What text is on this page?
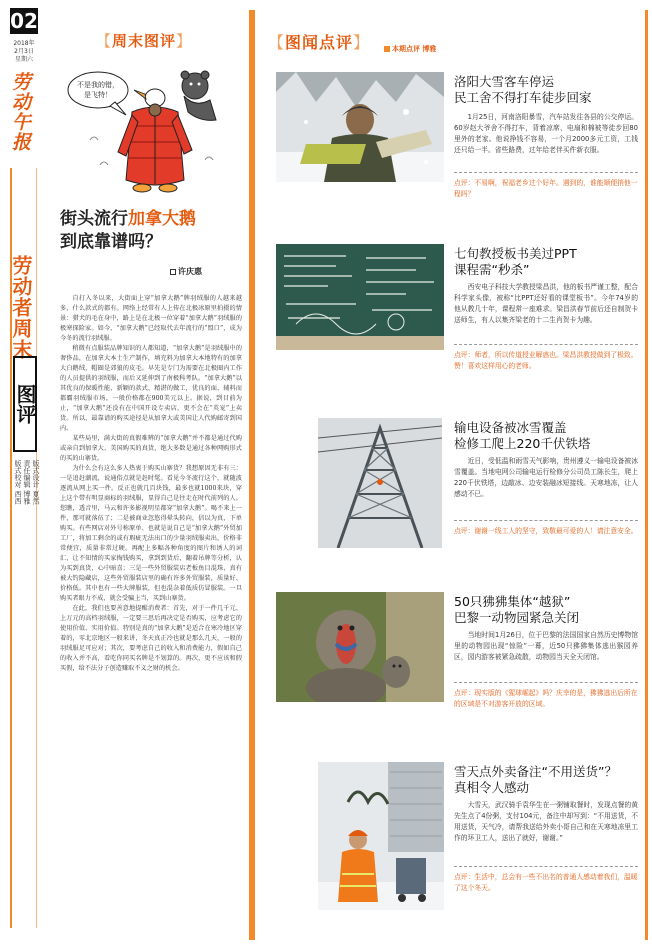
02
2018年
2月3日
星期六
劳动午报
劳动者周末
图评
版式设计 夏然
责任编辑 博雅
版式校对 西西
【周末图评】
不是我的错，
是飞特！
街头流行加拿大鹅
到底靠谱吗？
许庆惠

自打入冬以来，大街面上穿“加拿大鹅”牌羽绒服的人越来越多，什么款式的都有。网络上经常有人上传在北极冰原里拍摄的情景：猎犬的毛在身中，路上是在北极一位穿着“加拿大鹅”羽绒服的极寒探险家。如今，“加拿大鹅”已经取代去年流行的“盟口”，成为今冬的流行羽绒服。

稍微有点服装品牌知识的人都知道，“加拿大鹅”是羽绒服中的奢侈品，在加拿大本土生产制作，填充料为加拿大本地特有的加拿大白鹅绒，帽圈是郊狼的皮毛。早先是专门为需要在北极圈内工作的人员提供的羽绒服，而后又延伸到了南极科考队。“加拿大鹅”以其优良的保暖性能、新颖的款式、精湛的做工，优良的面、辅料而都霸羽绒服市场，一般价格都在900美元以上。据说，到目前为止，“加拿大鹅”还没有在中国开设专卖店，更不会在“英宠”上卖货。所以，最靠谱的购买途径是从加拿大或美国让人代购邮寄到国内。

某些局里，满大街的真假难辨的“加拿大鹅”并不都是通过代购或亲自到加拿大、美国购买的真货，绝大多数是通过各种网购形式的买的山寨货。

为什么会有这么多人热衷于购买山寨货？我想原因无非有三：一是追赶潮流，说通俗点就是赶时髦。看见今冬流行这个，就随波逐流从网上买一件。反正也就几百块钱，最多也就1000来块，穿上这个带有明显商标的羽绒服，显得自己是往走在时代前列的人。您瞧，透音里，马云和许多影视明星都穿“加拿大鹅”。喝不来上一件，那可就落伍了；二是被商业忽悠得晕头转向，信以为真，下单购买。有些网店对外号称原单、也就是说自己是“加拿大鹅”外贸加工厂，将加工剩余的或有瑕疵无法出口的少量羽绒服卖出，价格非常便宜，质量非常过硬。再配上多幅各种角度的图片和诱人的词汇，让不知情的买家掏钱购买，拿到到货后，翻着吊牌等分析，认为买到真货，心中暗喜；三是一些外贸服装店老板鱼目混珠，真有被大钓隐藏店，这些外贸服装店里的确有许多外贸服装，质量好、价格低。其中也有一些大牌服装，但也混杂着低质仿冒服装。一旦购买者眼力不成，就会受骗上当，买到山寨货。

在此，我们也要善意地提醒消费者：首先，对于一件几千元、上万元的高档羽绒服，一定要三思后再决定是否购买，应考虑它的使用价值、实用价值。特别是真的“加拿大鹅”是适合在寒冷地区穿着的，零北京地区一般来讲，冬天真正冷也就是那么几天，一般的羽绒服足可应对；其次，要考虑自己的收入和消费能力，假如自己的收入并不高，看吃你同买名牌是不划算的。再次，更不应该和假买假，给不法分子创造赚取不义之财的机会。

【图闻点评】	本期点评 博雅
洛阳大雪客车停运
民工舍不得打车徒步回家

1月25日，河南洛阳暴雪，汽车站发往各县的公交停运。60岁赵大爷舍不得打车，背着凉席、电扇和棉被等徒步回80里外的老家。他说挣钱不容易，一个月2000多元工资，工钱还只给一半。省些路费，过年给老伴买件新衣服。

点评：不易啊，祝福老乡过个好年。遇到的，谁能顺便捎他一程吗？
七旬教授板书美过PPT
课程需“秒杀”

西安电子科技大学教授梁昌洪，他的板书严谨工整，配合科学家头像，被称“比PPT还好看的课堂板书”。今年74岁的他从教几十年，课程常一座难求。梁昌洪春节前后还自制贺卡送师生，有人以集齐梁老的十二生肖贺卡为趣。

点评：师者，所以传道授业解惑也。梁昌洪教授做到了极致。赞！喜欢这样用心的老师。
输电设备被冰雪覆盖
检修工爬上220千伏铁塔

近日，受低温和雨雪天气影响，贵州遵义一输电设备被冰雪覆盖。当地电网公司输电运行检修分公司员工陈长生，爬上220千伏铁塔，边敲冰、边安装融冰短接线。天寒地冻，让人感动不已。

点评：谢谢一线工人的坚守，致敬最可爱的人！请注意安全。
50只狒狒集体“越狱”
巴黎一动物园紧急关闭

当地时间1月26日，位于巴黎的法国国家自然历史博物馆里的动物园出现“惊险”一幕，近50只狒狒集体逃出猴园养区，园内游客被紧急疏散，动物园当天全天闭馆。

点评：现实版的《猩球崛起》吗？庆幸的是，狒狒逃出后所在的区域是不对游客开放的区域。
雪天点外卖备注“不用送货”？
真相令人感动

大雪天，武汉骑手袁华生在一粥铺取餐时，发现点餐的黄先生点了4份粥，支付104元，备注中却写到：“不用送货，不用送货，天气冷，请帮我送给外卖小哥自己和在天寒地冻里工作的环卫工人，送出了就好，谢谢。”

点评：生活中，总会有一些不出名的普通人感动着我们，温暖了这个冬天。
